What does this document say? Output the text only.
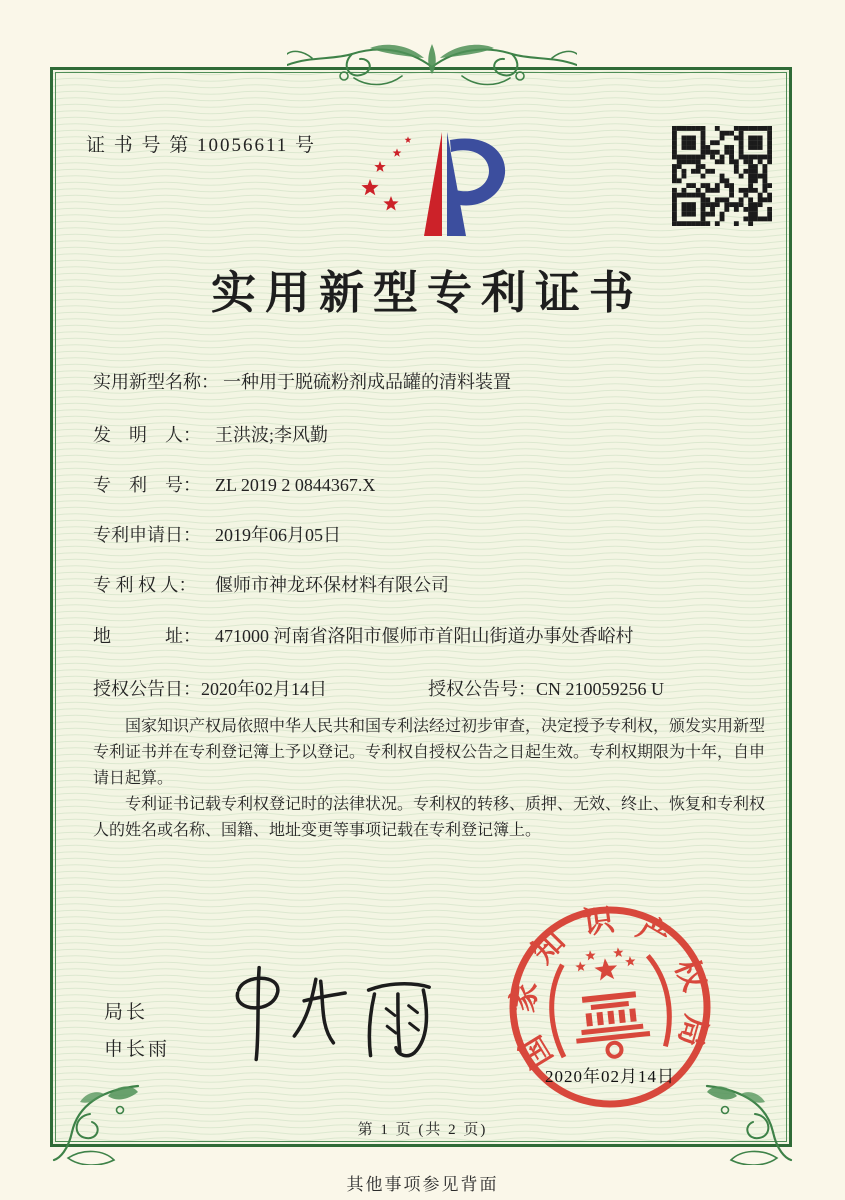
证 书 号 第 10056611 号
实用新型专利证书
实用新型名称： 一种用于脱硫粉剂成品罐的清料装置
发　明　人： 王洪波;李风勤
专　利　号： ZL 2019 2 0844367.X
专利申请日： 2019年06月05日
专 利 权 人： 偃师市神龙环保材料有限公司
地　　　址： 471000 河南省洛阳市偃师市首阳山街道办事处香峪村
授权公告日：2020年02月14日	授权公告号：CN 210059256 U

国家知识产权局依照中华人民共和国专利法经过初步审查，决定授予专利权，颁发实用新型专利证书并在专利登记簿上予以登记。专利权自授权公告之日起生效。专利权期限为十年，自申请日起算。

专利证书记载专利权登记时的法律状况。专利权的转移、质押、无效、终止、恢复和专利权人的姓名或名称、国籍、地址变更等事项记载在专利登记簿上。

局长
申长雨	国家知识产权局
2020年02月14日
第 1 页 (共 2 页)
其他事项参见背面
